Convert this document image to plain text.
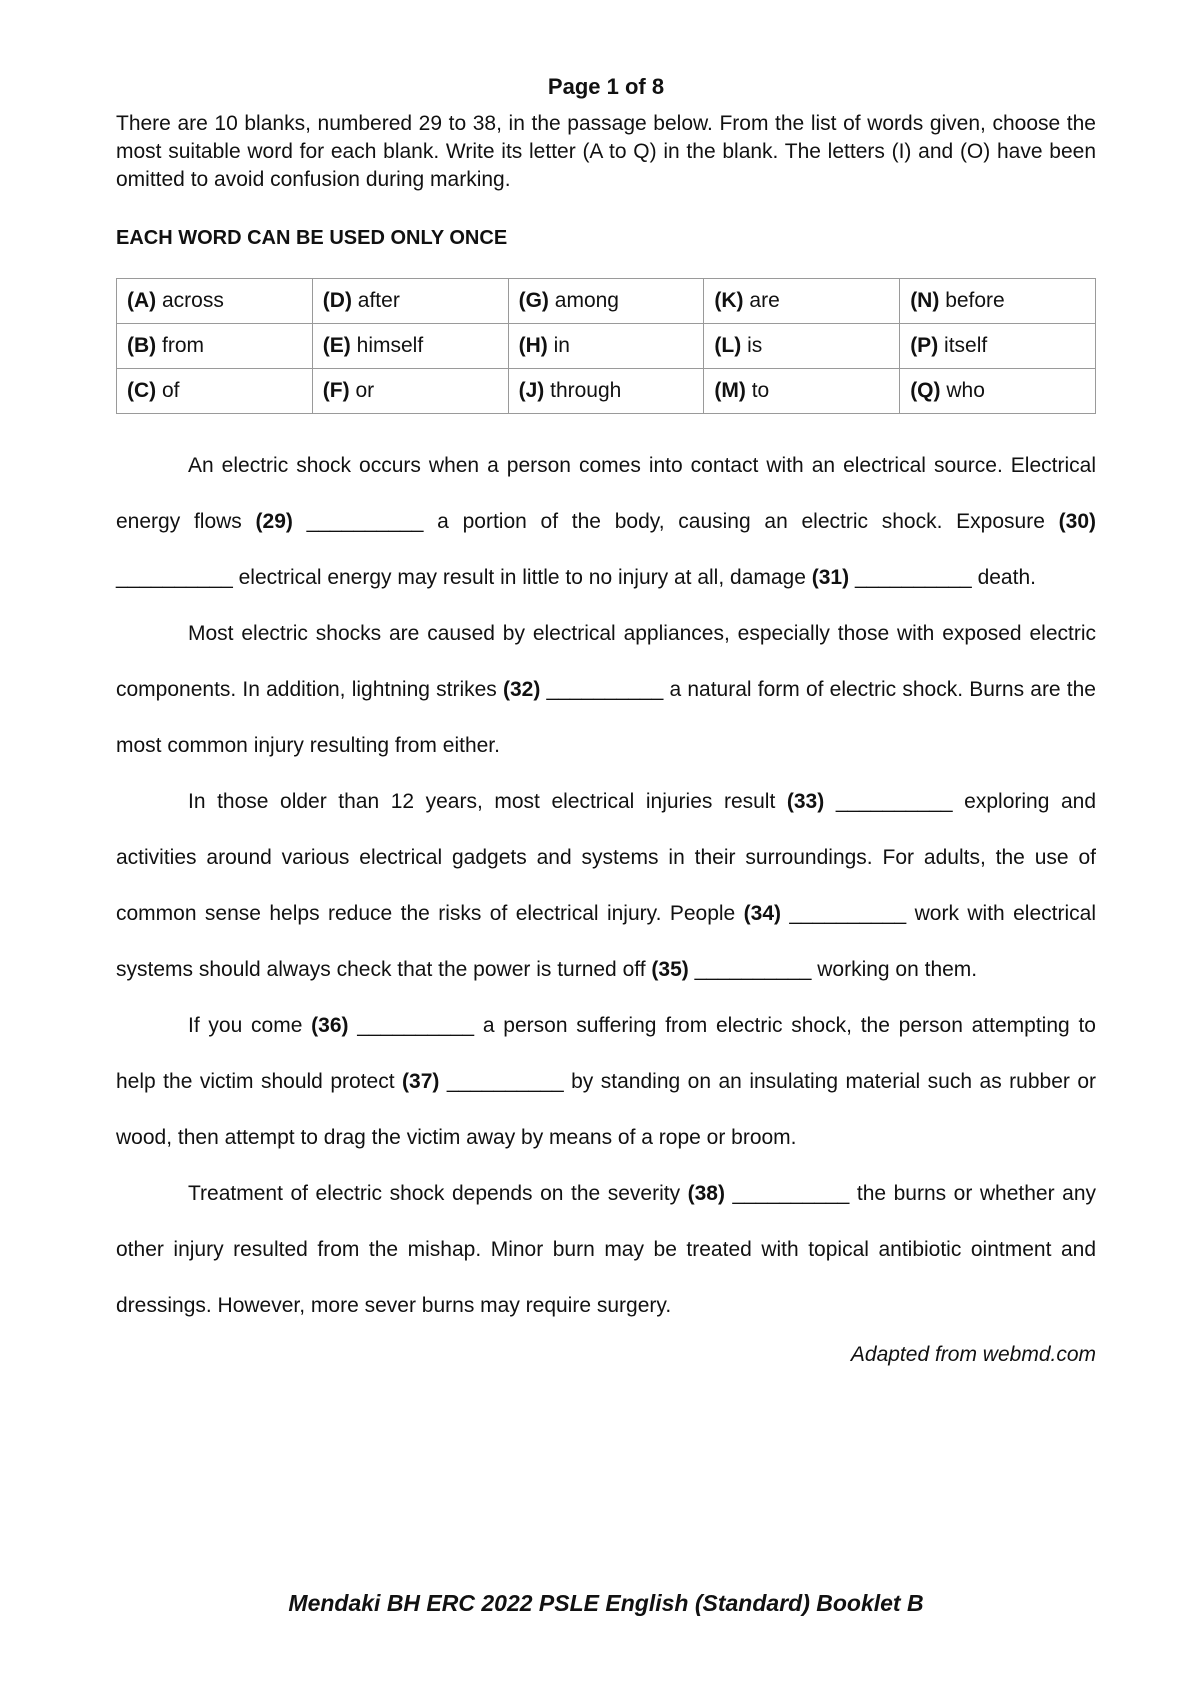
Page 1 of 8

There are 10 blanks, numbered 29 to 38, in the passage below. From the list of words given, choose the most suitable word for each blank. Write its letter (A to Q) in the blank. The letters (I) and (O) have been omitted to avoid confusion during marking.

EACH WORD CAN BE USED ONLY ONCE
(A) across	(D) after	(G) among	(K) are	(N) before
(B) from	(E) himself	(H) in	(L) is	(P) itself
(C) of	(F) or	(J) through	(M) to	(Q) who

An electric shock occurs when a person comes into contact with an electrical source. Electrical energy flows (29) __________ a portion of the body, causing an electric shock. Exposure (30) __________ electrical energy may result in little to no injury at all, damage (31) __________ death.

Most electric shocks are caused by electrical appliances, especially those with exposed electric components. In addition, lightning strikes (32) __________ a natural form of electric shock. Burns are the most common injury resulting from either.

In those older than 12 years, most electrical injuries result (33) __________ exploring and activities around various electrical gadgets and systems in their surroundings. For adults, the use of common sense helps reduce the risks of electrical injury. People (34) __________ work with electrical systems should always check that the power is turned off (35) __________ working on them.

If you come (36) __________ a person suffering from electric shock, the person attempting to help the victim should protect (37) __________ by standing on an insulating material such as rubber or wood, then attempt to drag the victim away by means of a rope or broom.

Treatment of electric shock depends on the severity (38) __________ the burns or whether any other injury resulted from the mishap. Minor burn may be treated with topical antibiotic ointment and dressings. However, more sever burns may require surgery.

Adapted from webmd.com
Mendaki BH ERC 2022 PSLE English (Standard) Booklet B
